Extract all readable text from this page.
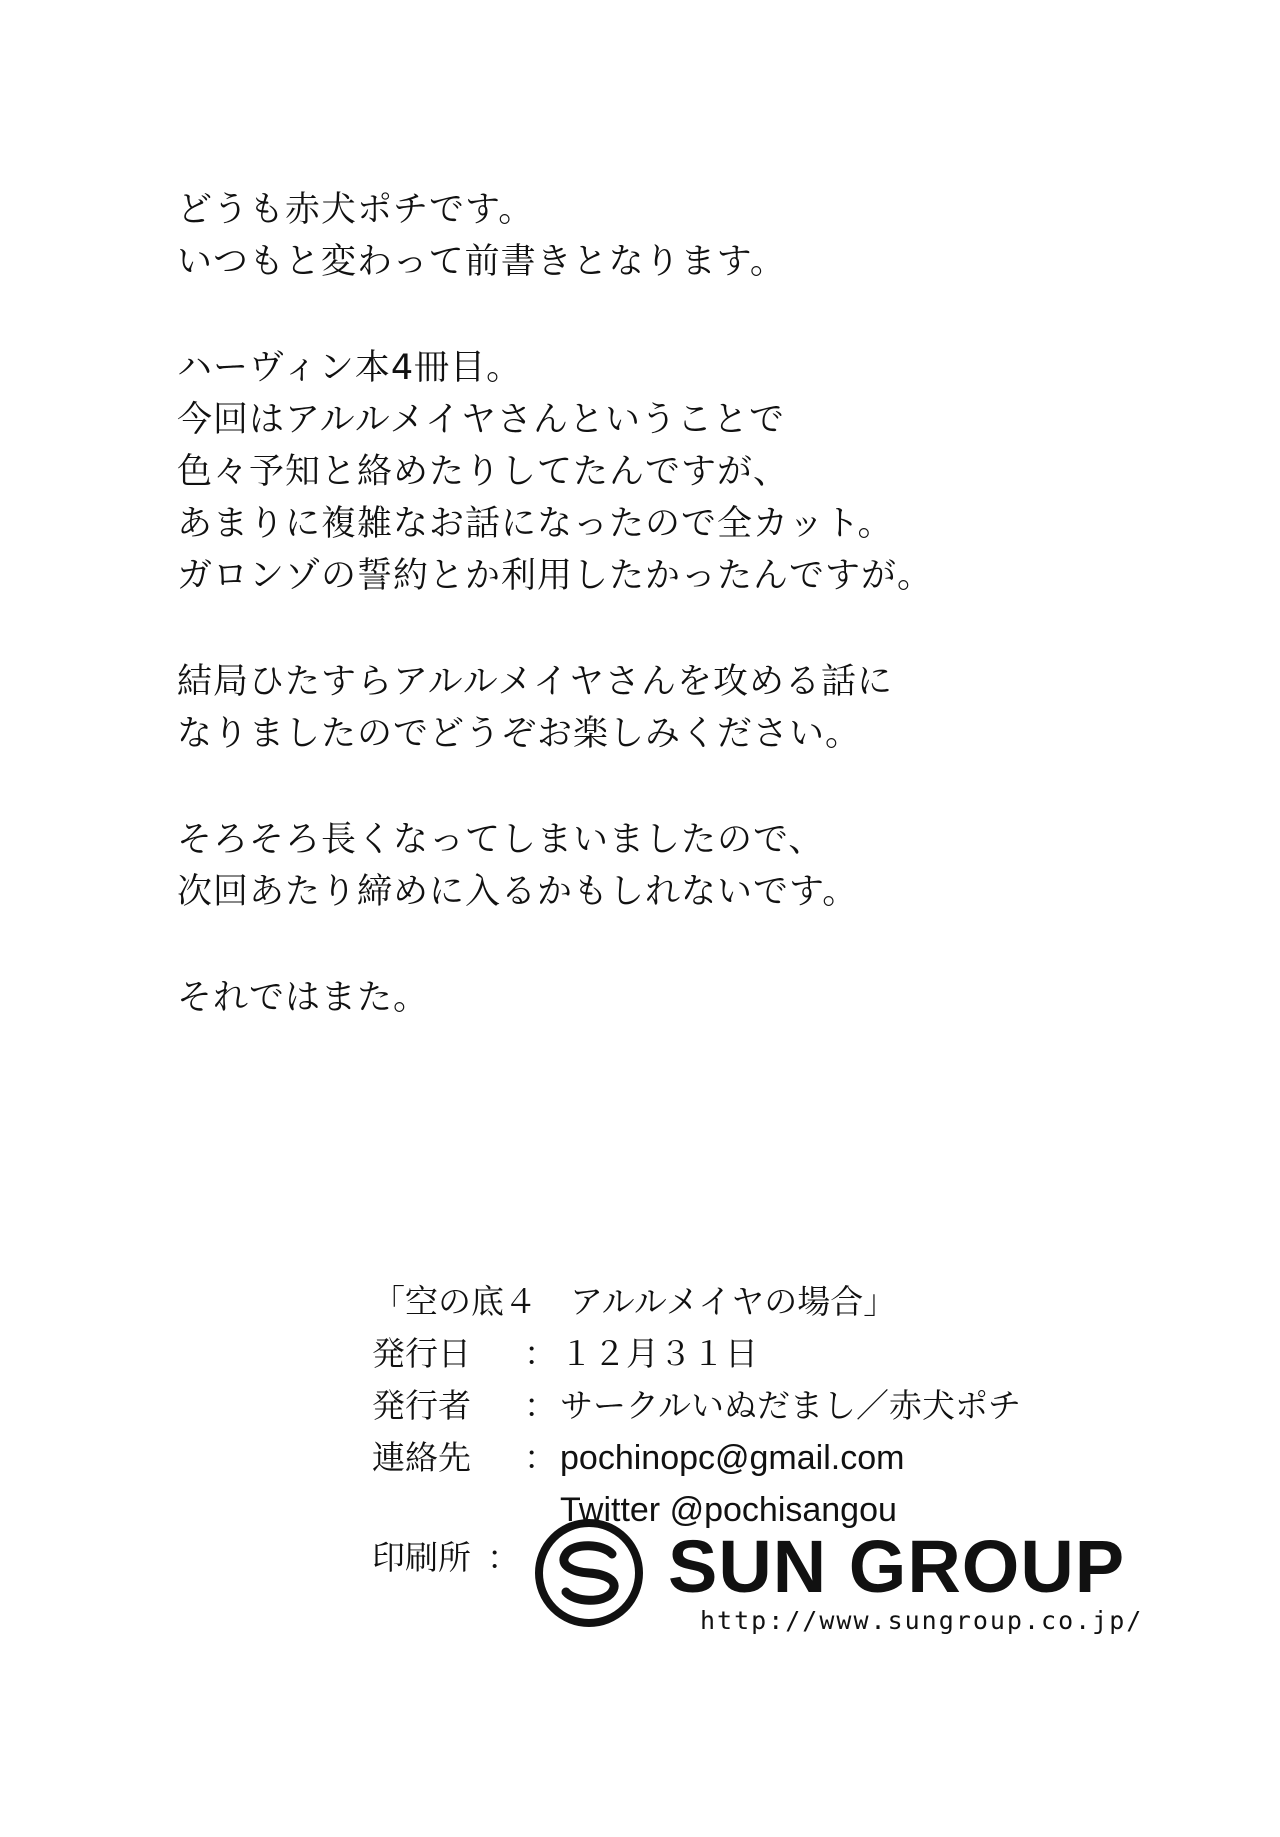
どうも赤犬ポチです。
いつもと変わって前書きとなります。
ハーヴィン本4冊目。
今回はアルルメイヤさんということで
色々予知と絡めたりしてたんですが、
あまりに複雑なお話になったので全カット。
ガロンゾの誓約とか利用したかったんですが。
結局ひたすらアルルメイヤさんを攻める話に
なりましたのでどうぞお楽しみください。
そろそろ長くなってしまいましたので、
次回あたり締めに入るかもしれないです。
それではまた。
「空の底４　アルルメイヤの場合」
発行日 ：１２月３１日
発行者 ：サークルいぬだまし／赤犬ポチ
連絡先 ：pochinopc@gmail.com
Twitter @pochisangou
印刷所 ： SUN GROUP
http://www.sungroup.co.jp/
